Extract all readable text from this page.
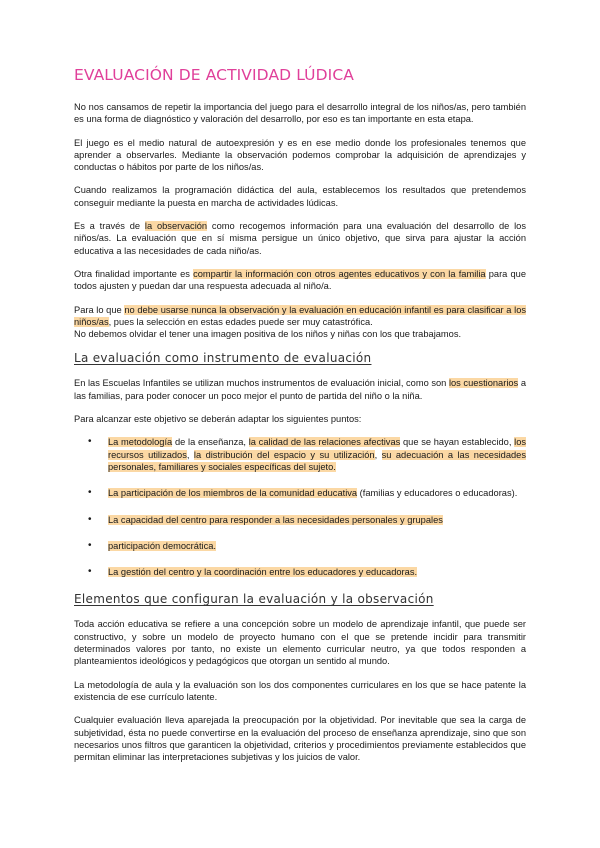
EVALUACIÓN DE ACTIVIDAD LÚDICA

No nos cansamos de repetir la importancia del juego para el desarrollo integral de los niños/as, pero también es una forma de diagnóstico y valoración del desarrollo, por eso es tan importante en esta etapa.

El juego es el medio natural de autoexpresión y es en ese medio donde los profesionales tenemos que aprender a observarles. Mediante la observación podemos comprobar la adquisición de aprendizajes y conductas o hábitos por parte de los niños/as.

Cuando realizamos la programación didáctica del aula, establecemos los resultados que pretendemos conseguir mediante la puesta en marcha de actividades lúdicas.

Es a través de la observación como recogemos información para una evaluación del desarrollo de los niños/as. La evaluación que en sí misma persigue un único objetivo, que sirva para ajustar la acción educativa a las necesidades de cada niño/as.

Otra finalidad importante es compartir la información con otros agentes educativos y con la familia para que todos ajusten y puedan dar una respuesta adecuada al niño/a.

Para lo que no debe usarse nunca la observación y la evaluación en educación infantil es para clasificar a los niños/as, pues la selección en estas edades puede ser muy catastrófica.

No debemos olvidar el tener una imagen positiva de los niños y niñas con los que trabajamos.

La evaluación como instrumento de evaluación

En las Escuelas Infantiles se utilizan muchos instrumentos de evaluación inicial, como son los cuestionarios a las familias, para poder conocer un poco mejor el punto de partida del niño o la niña.

Para alcanzar este objetivo se deberán adaptar los siguientes puntos:

• La metodología de la enseñanza, la calidad de las relaciones afectivas que se hayan establecido, los recursos utilizados, la distribución del espacio y su utilización, su adecuación a las necesidades personales, familiares y sociales específicas del sujeto.
• La participación de los miembros de la comunidad educativa (familias y educadores o educadoras).
• La capacidad del centro para responder a las necesidades personales y grupales
• participación democrática.
• La gestión del centro y la coordinación entre los educadores y educadoras.
Elementos que configuran la evaluación y la observación

Toda acción educativa se refiere a una concepción sobre un modelo de aprendizaje infantil, que puede ser constructivo, y sobre un modelo de proyecto humano con el que se pretende incidir para transmitir determinados valores por tanto, no existe un elemento curricular neutro, ya que todos responden a planteamientos ideológicos y pedagógicos que otorgan un sentido al mundo.

La metodología de aula y la evaluación son los dos componentes curriculares en los que se hace patente la existencia de ese currículo latente.

Cualquier evaluación lleva aparejada la preocupación por la objetividad. Por inevitable que sea la carga de subjetividad, ésta no puede convertirse en la evaluación del proceso de enseñanza aprendizaje, sino que son necesarios unos filtros que garanticen la objetividad, criterios y procedimientos previamente establecidos que permitan eliminar las interpretaciones subjetivas y los juicios de valor.
